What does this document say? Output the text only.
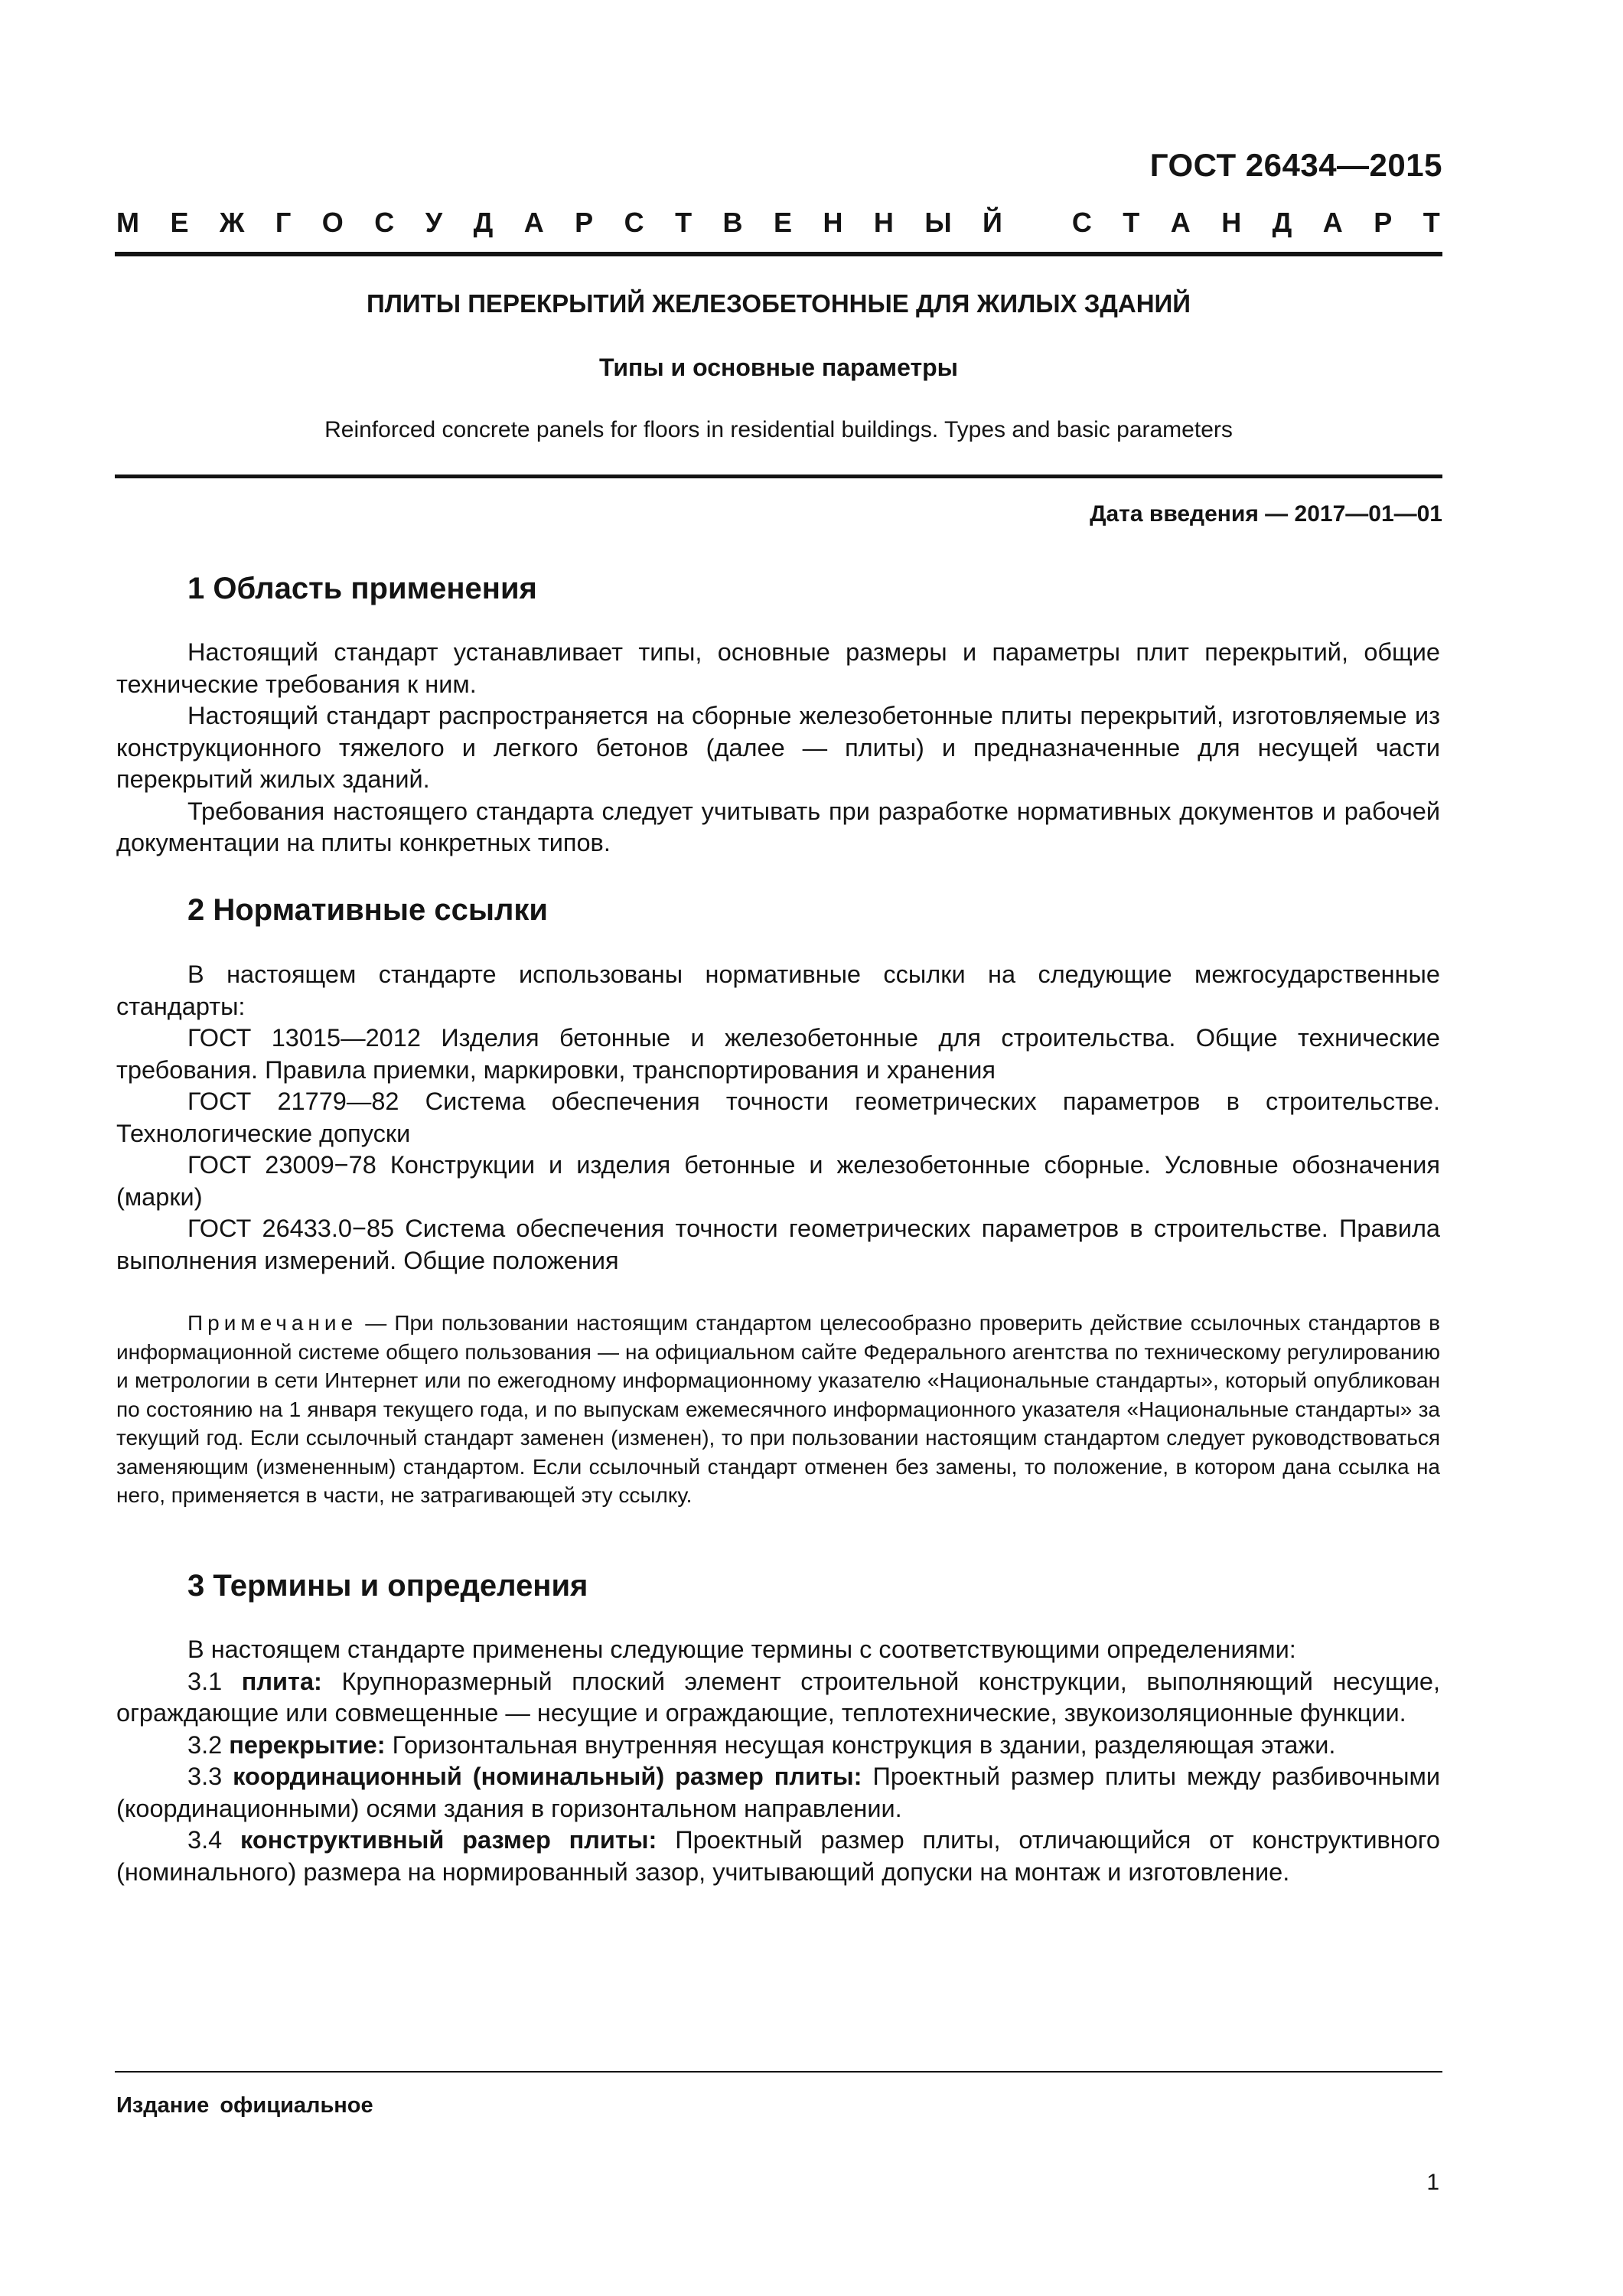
ГОСТ 26434—2015
М Е Ж Г О С У Д А Р С Т В Е Н Н Ы Й
	С Т А Н Д А Р Т
ПЛИТЫ ПЕРЕКРЫТИЙ ЖЕЛЕЗОБЕТОННЫЕ ДЛЯ ЖИЛЫХ ЗДАНИЙ
Типы и основные параметры
Reinforced concrete panels for floors in residential buildings. Types and basic parameters
Дата введения — 2017—01—01
1 Область применения

Настоящий стандарт устанавливает типы, основные размеры и параметры плит перекрытий, общие технические требования к ним.

Настоящий стандарт распространяется на сборные железобетонные плиты перекрытий, изготовляемые из конструкционного тяжелого и легкого бетонов (далее — плиты) и предназначенные для несущей части перекрытий жилых зданий.

Требования настоящего стандарта следует учитывать при разработке нормативных документов и рабочей документации на плиты конкретных типов.

2 Нормативные ссылки

В настоящем стандарте использованы нормативные ссылки на следующие межгосударственные стандарты:

ГОСТ 13015—2012 Изделия бетонные и железобетонные для строительства. Общие технические требования. Правила приемки, маркировки, транспортирования и хранения

ГОСТ 21779—82 Система обеспечения точности геометрических параметров в строительстве. Технологические допуски

ГОСТ 23009−78 Конструкции и изделия бетонные и железобетонные сборные. Условные обозначения (марки)

ГОСТ 26433.0−85 Система обеспечения точности геометрических параметров в строительстве. Правила выполнения измерений. Общие положения

Примечание — При пользовании настоящим стандартом целесообразно проверить действие ссылочных стандартов в информационной системе общего пользования — на официальном сайте Федерального агентства по техническому регулированию и метрологии в сети Интернет или по ежегодному информационному указателю «Национальные стандарты», который опубликован по состоянию на 1 января текущего года, и по выпускам ежемесячного информационного указателя «Национальные стандарты» за текущий год. Если ссылочный стандарт заменен (изменен), то при пользовании настоящим стандартом следует руководствоваться заменяющим (измененным) стандартом. Если ссылочный стандарт отменен без замены, то положение, в котором дана ссылка на него, применяется в части, не затрагивающей эту ссылку.

3 Термины и определения

В настоящем стандарте применены следующие термины с соответствующими определениями:

3.1 плита: Крупноразмерный плоский элемент строительной конструкции, выполняющий несущие, ограждающие или совмещенные — несущие и ограждающие, теплотехнические, звукоизоляционные функции.

3.2 перекрытие: Горизонтальная внутренняя несущая конструкция в здании, разделяющая этажи.

3.3 координационный (номинальный) размер плиты: Проектный размер плиты между разбивочными (координационными) осями здания в горизонтальном направлении.

3.4 конструктивный размер плиты: Проектный размер плиты, отличающийся от конструктивного (номинального) размера на нормированный зазор, учитывающий допуски на монтаж и изготовление.

Издание официальное
1
